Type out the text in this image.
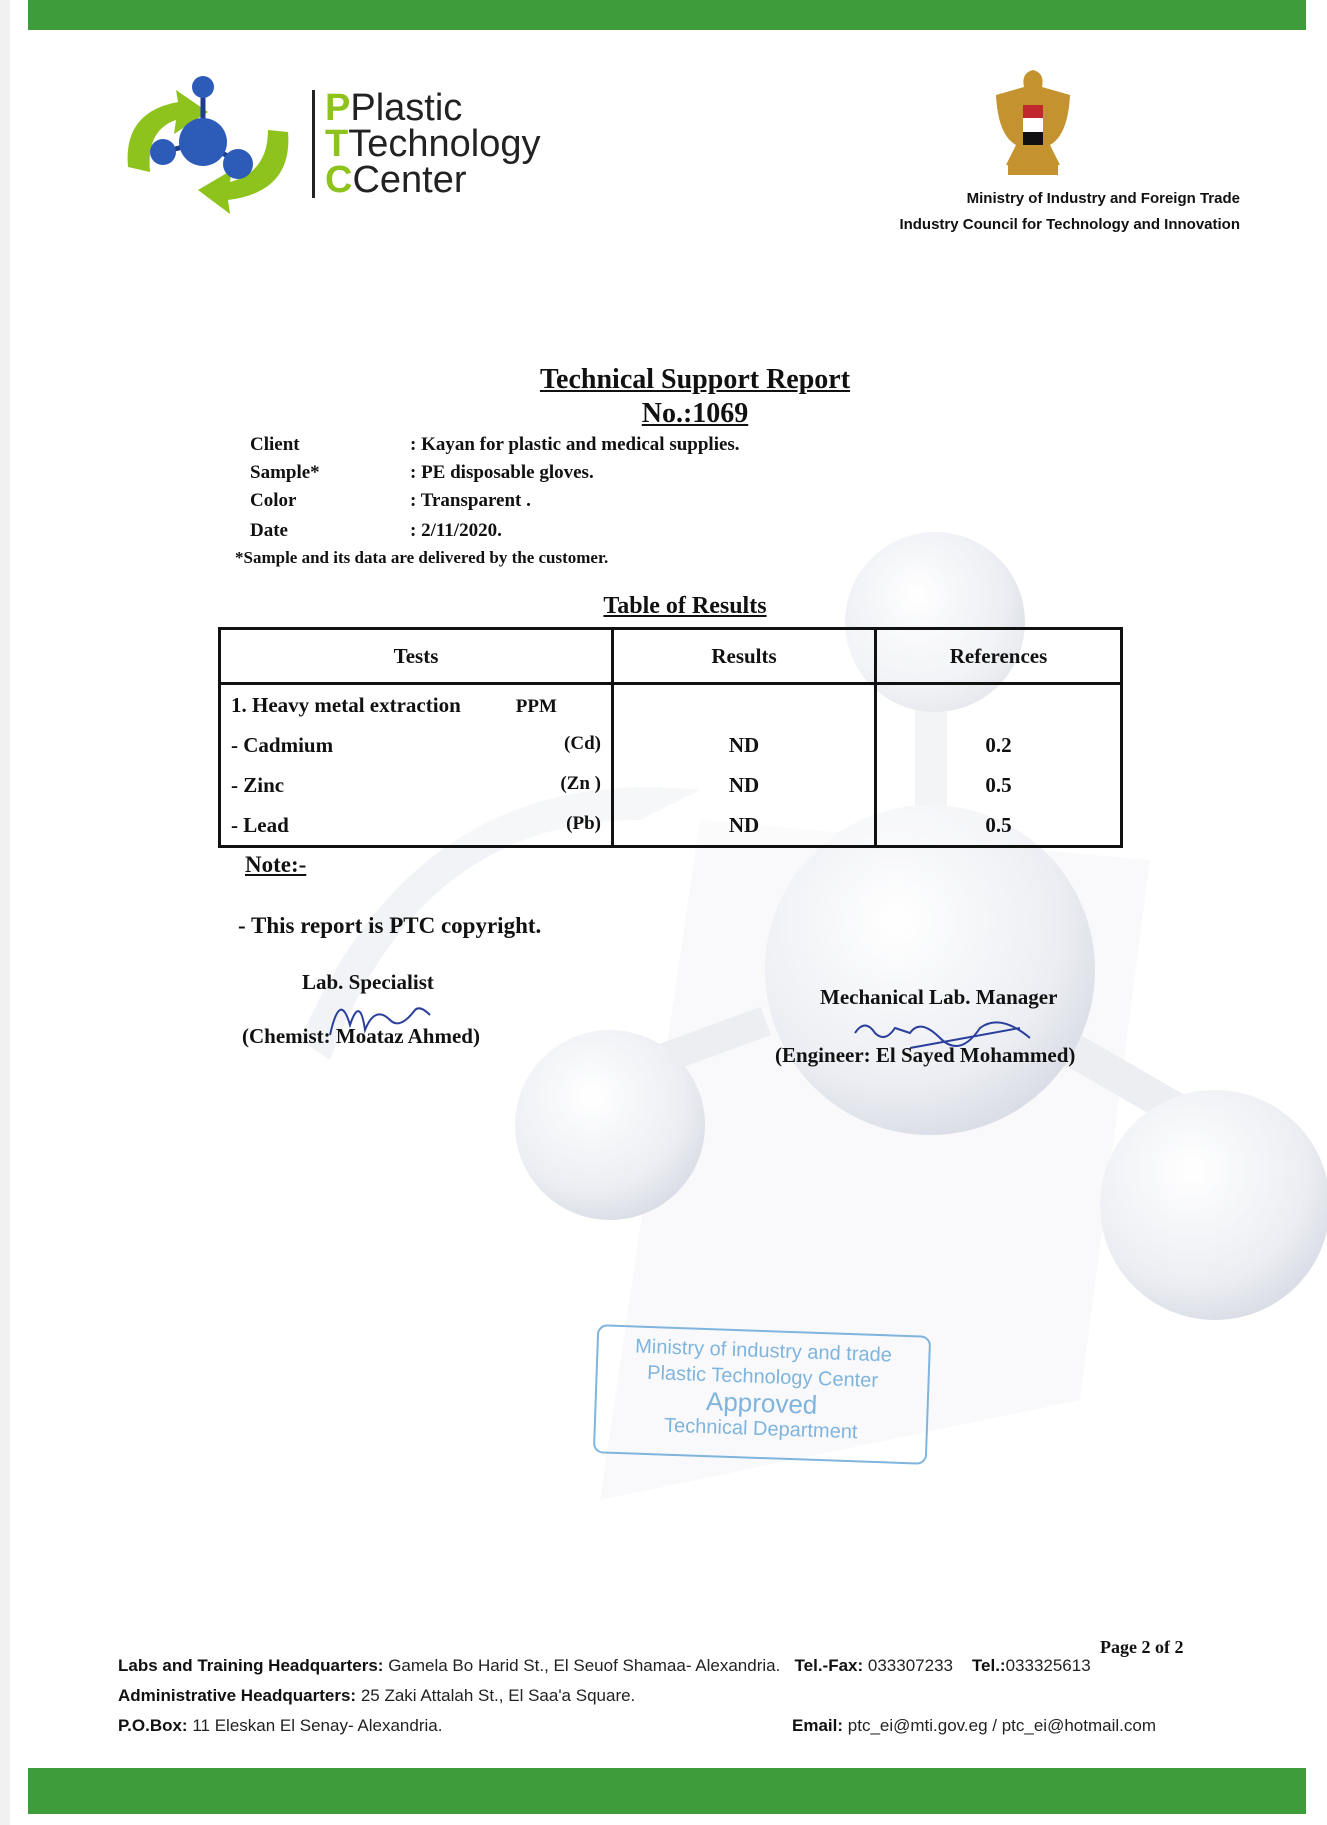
PPlastic
TTechnology
CCenter	Ministry of Industry and Foreign Trade
Industry Council for Technology and Innovation
Technical Support Report
No.:1069
Client	: Kayan for plastic and medical supplies.
Sample*	: PE disposable gloves.
Color	: Transparent .
Date	: 2/11/2020.
*Sample and its data are delivered by the customer.
Table of Results
Tests	Results	References
1. Heavy metal extraction PPM		
- Cadmium (Cd)	ND	0.2
- Zinc (Zn )	ND	0.5
- Lead (Pb)	ND	0.5
Note:-
- This report is PTC copyright.
Lab. Specialist
(Chemist: Moataz Ahmed)
Mechanical Lab. Manager
(Engineer: El Sayed Mohammed)
Ministry of industry and trade
Plastic Technology Center
Approved
Technical Department
Page 2 of 2
Labs and Training Headquarters: Gamela Bo Harid St., El Seuof Shamaa- Alexandria. Tel.-Fax: 033307233 Tel.:033325613
Administrative Headquarters: 25 Zaki Attalah St., El Saa'a Square.
P.O.Box: 11 Eleskan El Senay- Alexandria.	Email: ptc_ei@mti.gov.eg / ptc_ei@hotmail.com
